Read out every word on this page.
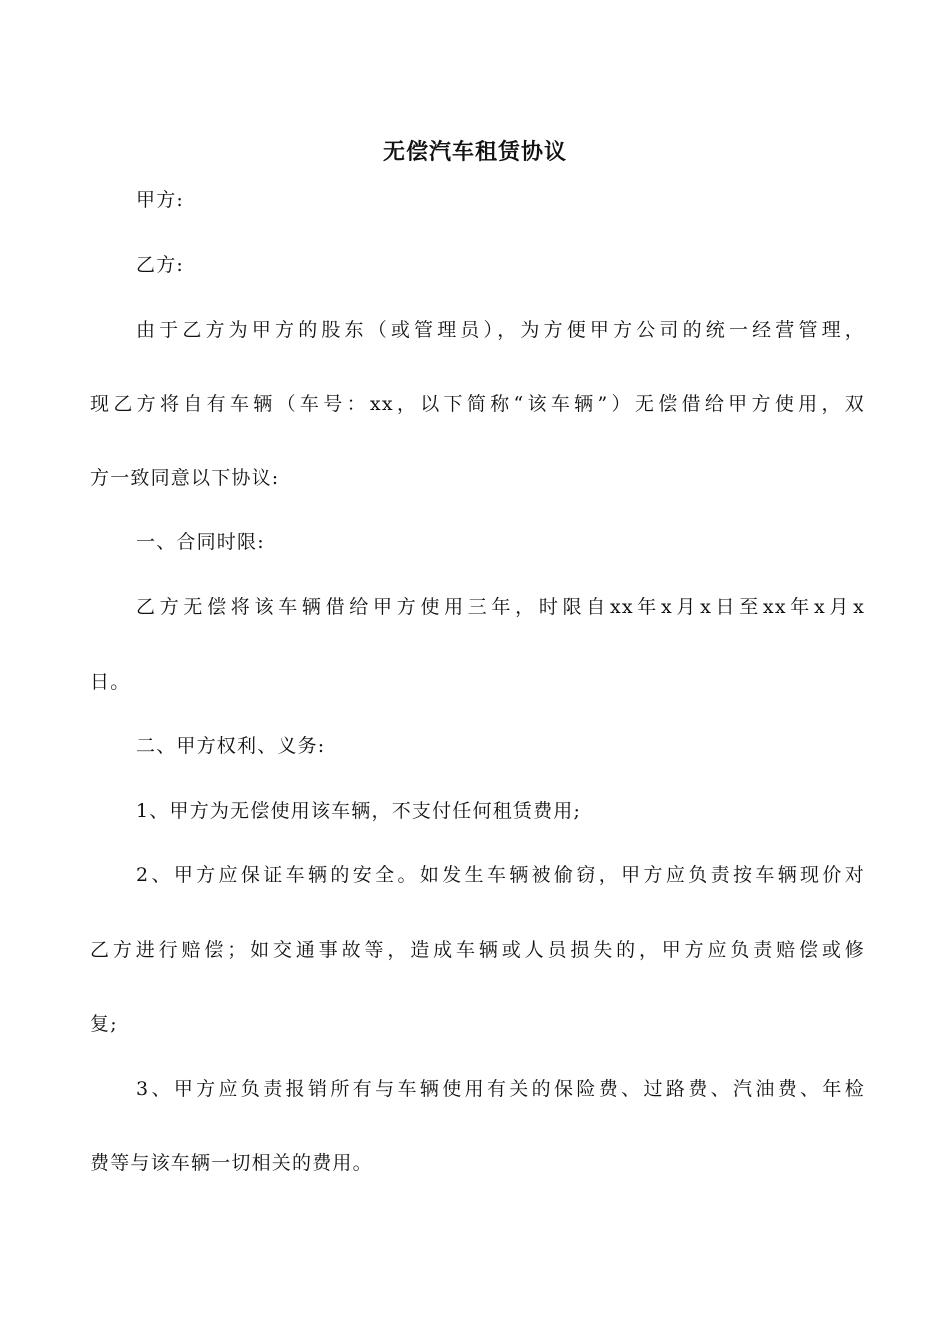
无偿汽车租赁协议
甲方:
乙方:
由于乙方为甲方的股东（或管理员），为方便甲方公司的统一经营管理，
现乙方将自有车辆（车号：xx，以下简称“该车辆”）无偿借给甲方使用，双
方一致同意以下协议:
一、合同时限:
乙方无偿将该车辆借给甲方使用三年，时限自xx年x月x日至xx年x月x
日。
二、甲方权利、义务:
1、甲方为无偿使用该车辆，不支付任何租赁费用;
2、甲方应保证车辆的安全。如发生车辆被偷窃，甲方应负责按车辆现价对
乙方进行赔偿；如交通事故等，造成车辆或人员损失的，甲方应负责赔偿或修
复;
3、甲方应负责报销所有与车辆使用有关的保险费、过路费、汽油费、年检
费等与该车辆一切相关的费用。
